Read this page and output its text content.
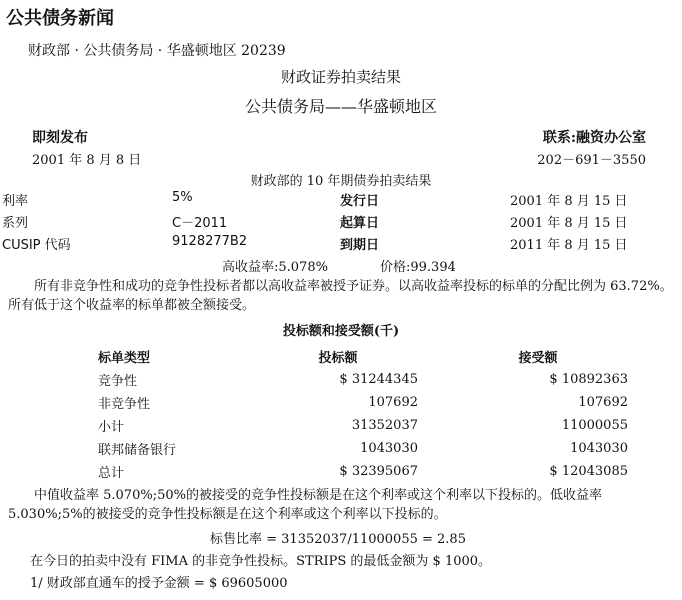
公共债务新闻
财政部 · 公共债务局 · 华盛顿地区 20239
财政证券拍卖结果
公共债务局——华盛顿地区
即刻发布
2001 年 8 月 8 日
联系:融资办公室
202－691－3550
财政部的 10 年期债券拍卖结果
利率	5%	发行日	2001 年 8 月 15 日
系列	C－2011	起算日	2001 年 8 月 15 日
CUSIP 代码	9128277B2	到期日	2011 年 8 月 15 日
高收益率:5.078%	价格:99.394
所有非竞争性和成功的竞争性投标者都以高收益率被授予证券。以高收益率投标的标单的分配比例为 63.72%。所有低于这个收益率的标单都被全额接受。
投标额和接受额(千)
标单类型	投标额	接受额
竞争性	$ 31244345	$ 10892363
非竞争性	107692	107692
小计	31352037	11000055
联邦储备银行	1043030	1043030
总计	$ 32395067	$ 12043085
中值收益率 5.070%;50%的被接受的竞争性投标额是在这个利率或这个利率以下投标的。低收益率 5.030%;5%的被接受的竞争性投标额是在这个利率或这个利率以下投标的。
标售比率 = 31352037/11000055 = 2.85
在今日的拍卖中没有 FIMA 的非竞争性投标。STRIPS 的最低金额为 $ 1000。
1/ 财政部直通车的授予金额 = $ 69605000
